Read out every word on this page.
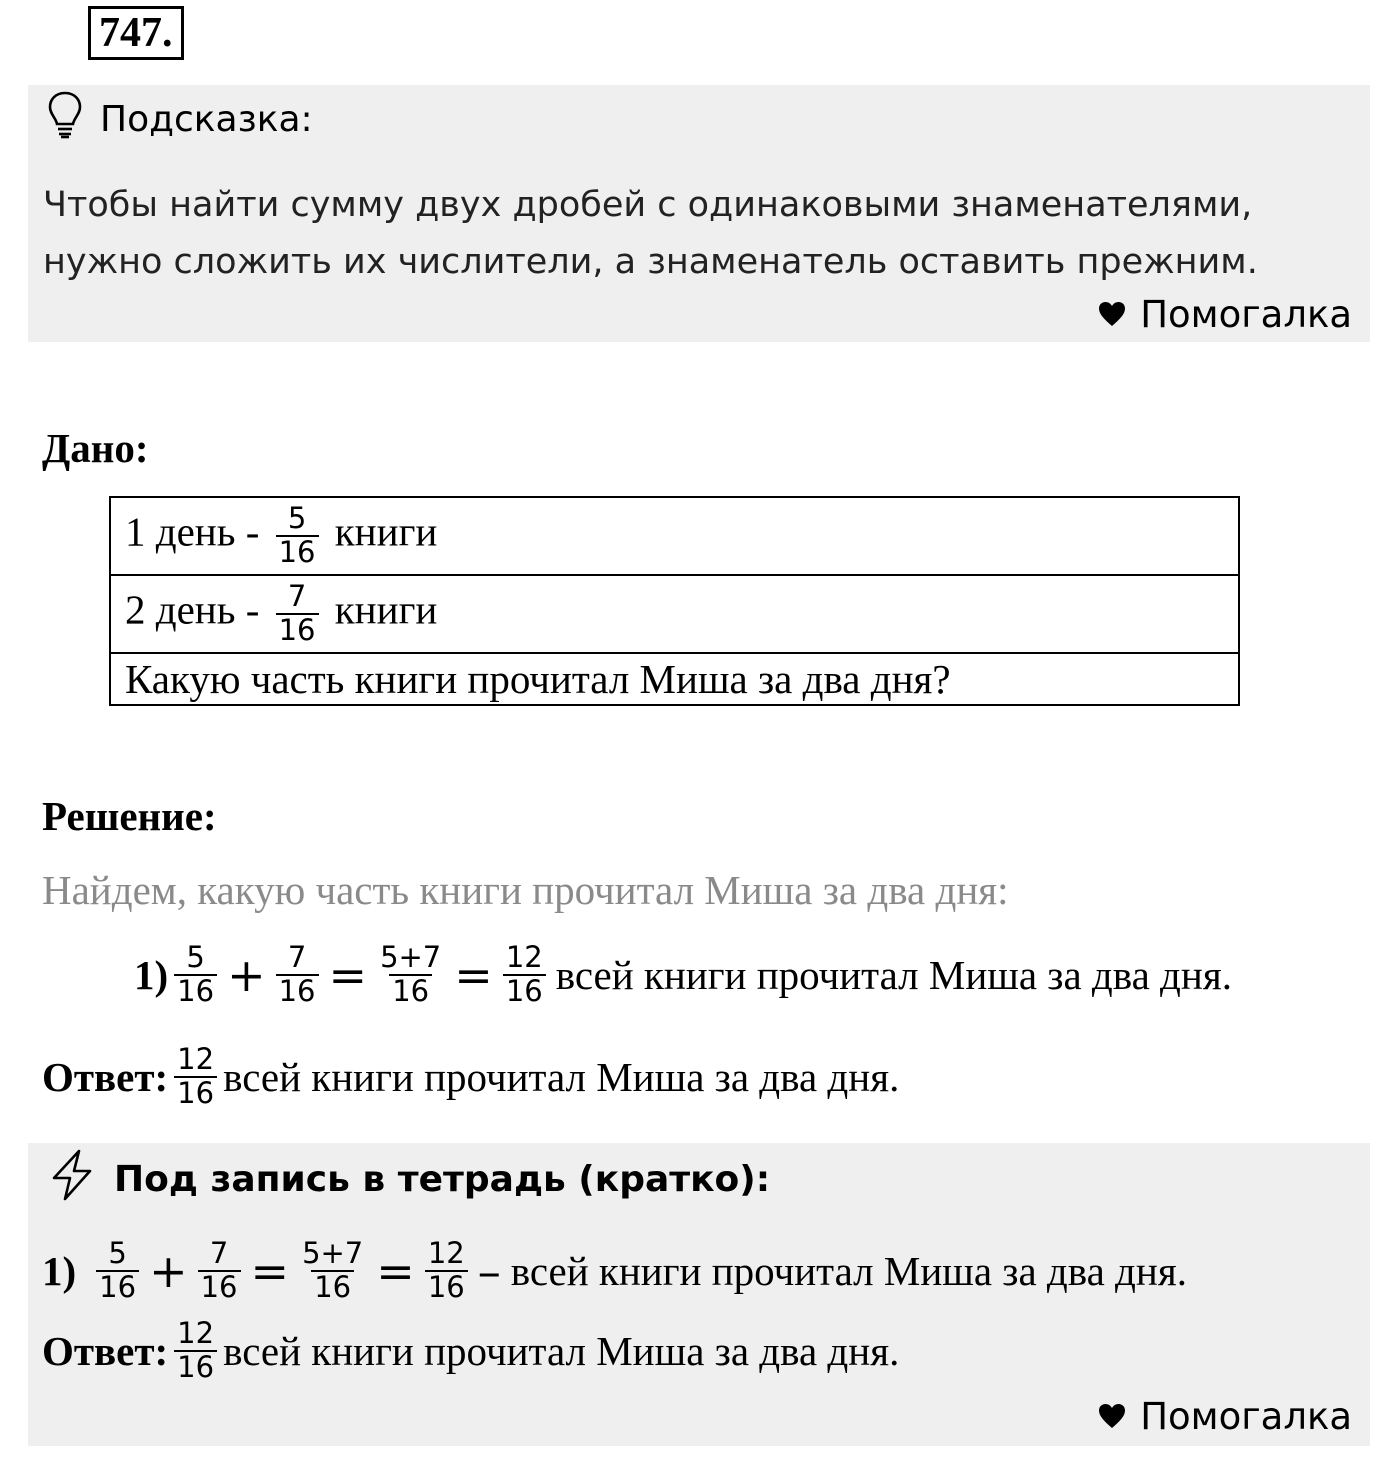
747.
Подсказка:
Чтобы найти сумму двух дробей с одинаковыми знаменателями,
нужно сложить их числители, а знаменатель оставить прежним.
Помогалка
Дано:
1 день - $\frac{5}{16}$ книги
2 день - $\frac{7}{16}$ книги
Какую часть книги прочитал Миша за два дня?
Решение:
Найдем, какую часть книги прочитал Миша за два дня:
$1) \frac{5}{16} + \frac{7}{16} = \frac{5+7}{16} = \frac{12}{16}$ всей книги прочитал Миша за два дня.
Ответ: $\frac{12}{16}$ всей книги прочитал Миша за два дня.
Под запись в тетрадь (кратко):
$1) \frac{5}{16} + \frac{7}{16} = \frac{5+7}{16} = \frac{12}{16}$ – всей книги прочитал Миша за два дня.
Ответ: $\frac{12}{16}$ всей книги прочитал Миша за два дня.
Помогалка
